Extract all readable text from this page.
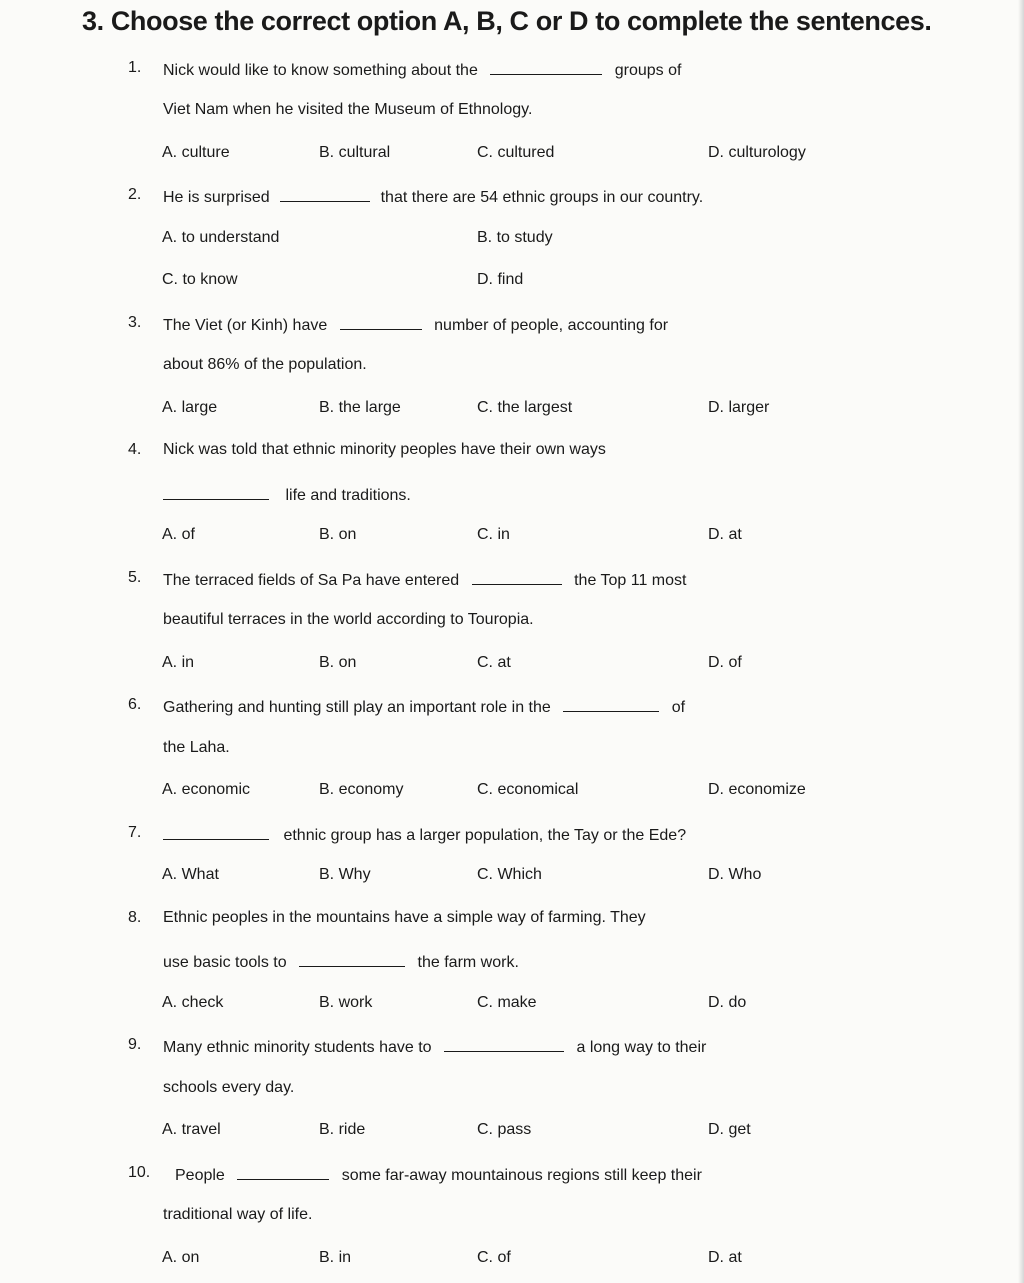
3. Choose the correct option A, B, C or D to complete the sentences.
1. Nick would like to know something about the	groups of
Viet Nam when he visited the Museum of Ethnology.
A. culture	B. cultural	C. cultured	D. culturology
2. He is surprised	that there are 54 ethnic groups in our country.
A. to understand	B. to study
C. to know	D. find
3. The Viet (or Kinh) have	number of people, accounting for
about 86% of the population.
A. large	B. the large	C. the largest	D. larger
4. Nick was told that ethnic minority peoples have their own ways
life and traditions.
A. of	B. on	C. in	D. at
5. The terraced fields of Sa Pa have entered	the Top 11 most
beautiful terraces in the world according to Touropia.
A. in	B. on	C. at	D. of
6. Gathering and hunting still play an important role in the	of
the Laha.
A. economic	B. economy	C. economical	D. economize
7.	ethnic group has a larger population, the Tay or the Ede?
A. What	B. Why	C. Which	D. Who
8. Ethnic peoples in the mountains have a simple way of farming. They
use basic tools to	the farm work.
A. check	B. work	C. make	D. do
9. Many ethnic minority students have to	a long way to their
schools every day.
A. travel	B. ride	C. pass	D. get
10. People	some far-away mountainous regions still keep their
traditional way of life.
A. on	B. in	C. of	D. at
